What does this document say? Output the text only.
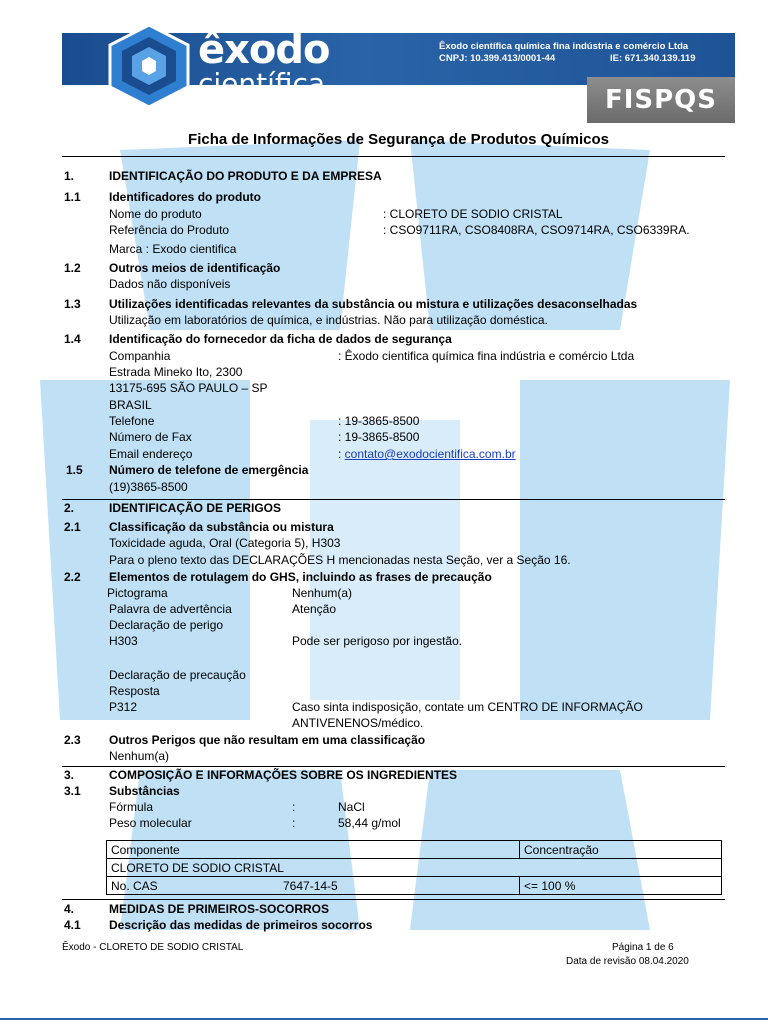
êxodo
científica
Êxodo científica química fina indústria e comércio Ltda
CNPJ: 10.399.413/0001-44	IE: 671.340.139.119
FISPQS
Ficha de Informações de Segurança de Produtos Químicos
1.	IDENTIFICAÇÃO DO PRODUTO E DA EMPRESA
1.1 Identificadores do produto
Nome do produto	: CLORETO DE SODIO CRISTAL
Referência do Produto	: CSO9711RA, CSO8408RA, CSO9714RA, CSO6339RA.
Marca : Exodo cientifica
1.2 Outros meios de identificação
Dados não disponíveis
1.3 Utilizações identificadas relevantes da substância ou mistura e utilizações desaconselhadas
Utilização em laboratórios de química, e indústrias. Não para utilização doméstica.
1.4 Identificação do fornecedor da ficha de dados de segurança
Companhia	: Êxodo cientifica química fina indústria e comércio Ltda
Estrada Mineko Ito, 2300
13175-695 SÃO PAULO – SP
BRASIL
Telefone	: 19-3865-8500
Número de Fax	: 19-3865-8500
Email endereço	: contato@exodocientifica.com.br
1.5 Número de telefone de emergência
(19)3865-8500
2.	IDENTIFICAÇÃO DE PERIGOS
2.1 Classificação da substância ou mistura
Toxicidade aguda, Oral (Categoria 5), H303
Para o pleno texto das DECLARAÇÕES H mencionadas nesta Seção, ver a Seção 16.
2.2 Elementos de rotulagem do GHS, incluindo as frases de precaução
Pictograma	Nenhum(a)
Palavra de advertência	Atenção
Declaração de perigo
H303	Pode ser perigoso por ingestão.
Declaração de precaução
Resposta
P312	Caso sinta indisposição, contate um CENTRO DE INFORMAÇÃO
ANTIVENENOS/médico.
2.3 Outros Perigos que não resultam em uma classificação
Nenhum(a)
3.	COMPOSIÇÃO E INFORMAÇÕES SOBRE OS INGREDIENTES
3.1 Substâncias
Fórmula	:	NaCl
Peso molecular	:	58,44 g/mol
Componente	Concentração
CLORETO DE SODIO CRISTAL	
No. CAS 7647-14-5	<= 100 %
4.	MEDIDAS DE PRIMEIROS-SOCORROS
4.1 Descrição das medidas de primeiros socorros
Êxodo - CLORETO DE SODIO CRISTAL	Página 1 de 6
Data de revisão 08.04.2020
